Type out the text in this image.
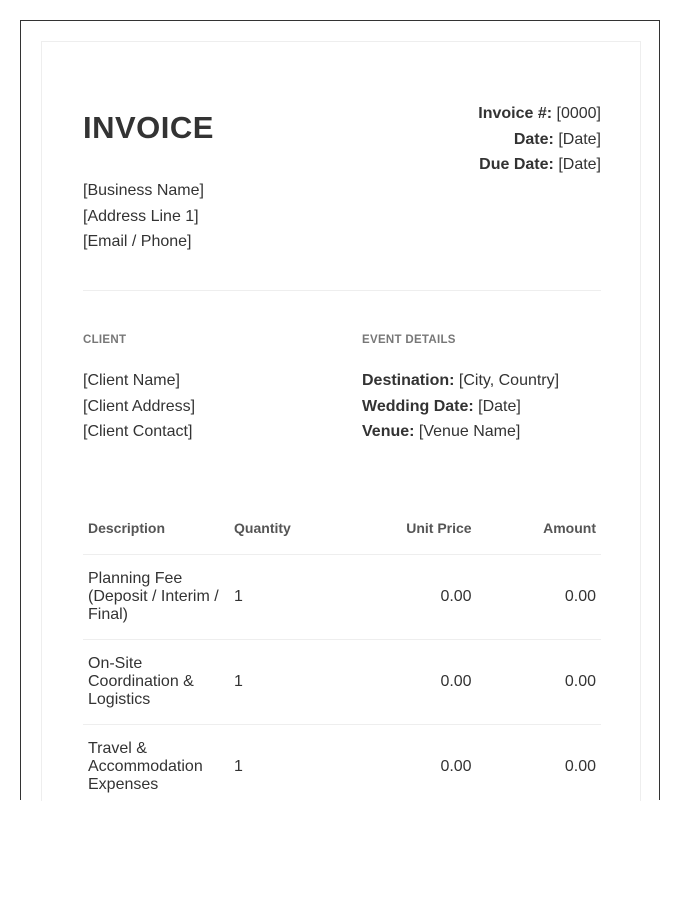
INVOICE	Invoice #: [0000]
Date: [Date]
Due Date: [Date]
[Business Name]
[Address Line 1]
[Email / Phone]
CLIENT
[Client Name]
[Client Address]
[Client Contact]
EVENT DETAILS
Destination: [City, Country]
Wedding Date: [Date]
Venue: [Venue Name]
Description	Quantity	Unit Price	Amount
Planning Fee (Deposit / Interim / Final)	1	0.00	0.00
On-Site Coordination & Logistics	1	0.00	0.00
Travel & Accommodation Expenses	1	0.00	0.00
